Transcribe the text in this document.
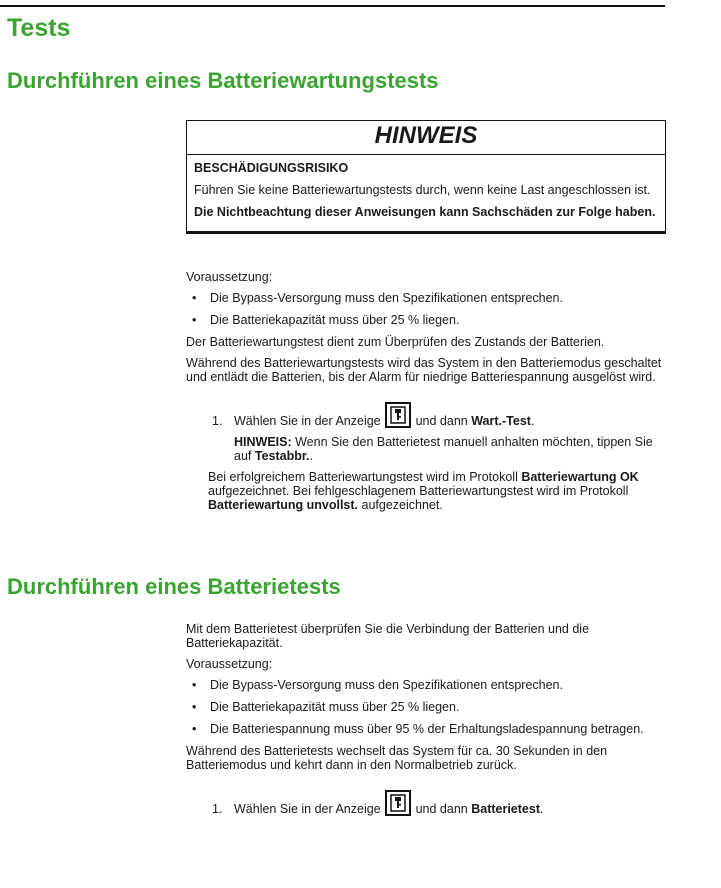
Tests
Durchführen eines Batteriewartungstests
HINWEIS

BESCHÄDIGUNGSRISIKO

Führen Sie keine Batteriewartungstests durch, wenn keine Last angeschlossen ist.

Die Nichtbeachtung dieser Anweisungen kann Sachschäden zur Folge haben.

Voraussetzung:

• Die Bypass-Versorgung muss den Spezifikationen entsprechen.
• Die Batteriekapazität muss über 25 % liegen.

Der Batteriewartungstest dient zum Überprüfen des Zustands der Batterien.

Während des Batteriewartungstests wird das System in den Batteriemodus geschaltet und entlädt die Batterien, bis der Alarm für niedrige Batteriespannung ausgelöst wird.

1. Wählen Sie in der Anzeige	und dann Wart.-Test.

HINWEIS: Wenn Sie den Batterietest manuell anhalten möchten, tippen Sie auf Testabbr..

Bei erfolgreichem Batteriewartungstest wird im Protokoll Batteriewartung OK aufgezeichnet. Bei fehlgeschlagenem Batteriewartungstest wird im Protokoll Batteriewartung unvollst. aufgezeichnet.

Durchführen eines Batterietests

Mit dem Batterietest überprüfen Sie die Verbindung der Batterien und die Batteriekapazität.

Voraussetzung:

• Die Bypass-Versorgung muss den Spezifikationen entsprechen.
• Die Batteriekapazität muss über 25 % liegen.
• Die Batteriespannung muss über 95 % der Erhaltungsladespannung betragen.

Während des Batterietests wechselt das System für ca. 30 Sekunden in den Batteriemodus und kehrt dann in den Normalbetrieb zurück.

1. Wählen Sie in der Anzeige	und dann Batterietest.
